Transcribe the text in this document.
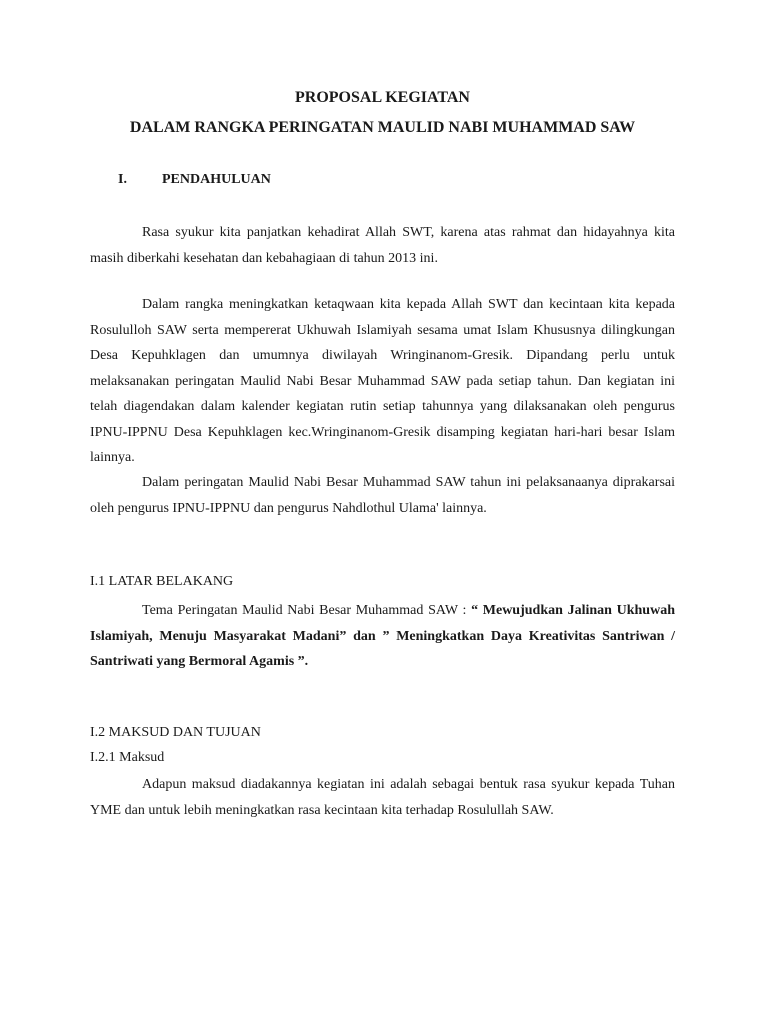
PROPOSAL KEGIATAN
DALAM RANGKA PERINGATAN MAULID NABI MUHAMMAD SAW
I.	PENDAHULUAN

Rasa syukur kita panjatkan kehadirat Allah SWT, karena atas rahmat dan hidayahnya kita masih diberkahi kesehatan dan kebahagiaan di tahun 2013 ini.

Dalam rangka meningkatkan ketaqwaan kita kepada Allah SWT dan kecintaan kita kepada Rosululloh SAW serta mempererat Ukhuwah Islamiyah sesama umat Islam Khususnya dilingkungan Desa Kepuhklagen dan umumnya diwilayah Wringinanom-Gresik. Dipandang perlu untuk melaksanakan peringatan Maulid Nabi Besar Muhammad SAW pada setiap tahun. Dan kegiatan ini telah diagendakan dalam kalender kegiatan rutin setiap tahunnya yang dilaksanakan oleh pengurus IPNU-IPPNU Desa Kepuhklagen kec.Wringinanom-Gresik disamping kegiatan hari-hari besar Islam lainnya.

Dalam peringatan Maulid Nabi Besar Muhammad SAW tahun ini pelaksanaanya diprakarsai oleh pengurus IPNU-IPPNU dan pengurus Nahdlothul Ulama' lainnya.

I.1 LATAR BELAKANG

Tema Peringatan Maulid Nabi Besar Muhammad SAW : “ Mewujudkan Jalinan Ukhuwah Islamiyah, Menuju Masyarakat Madani” dan ” Meningkatkan Daya Kreativitas Santriwan / Santriwati yang Bermoral Agamis ”.

I.2 MAKSUD DAN TUJUAN
I.2.1 Maksud

Adapun maksud diadakannya kegiatan ini adalah sebagai bentuk rasa syukur kepada Tuhan YME dan untuk lebih meningkatkan rasa kecintaan kita terhadap Rosulullah SAW.
